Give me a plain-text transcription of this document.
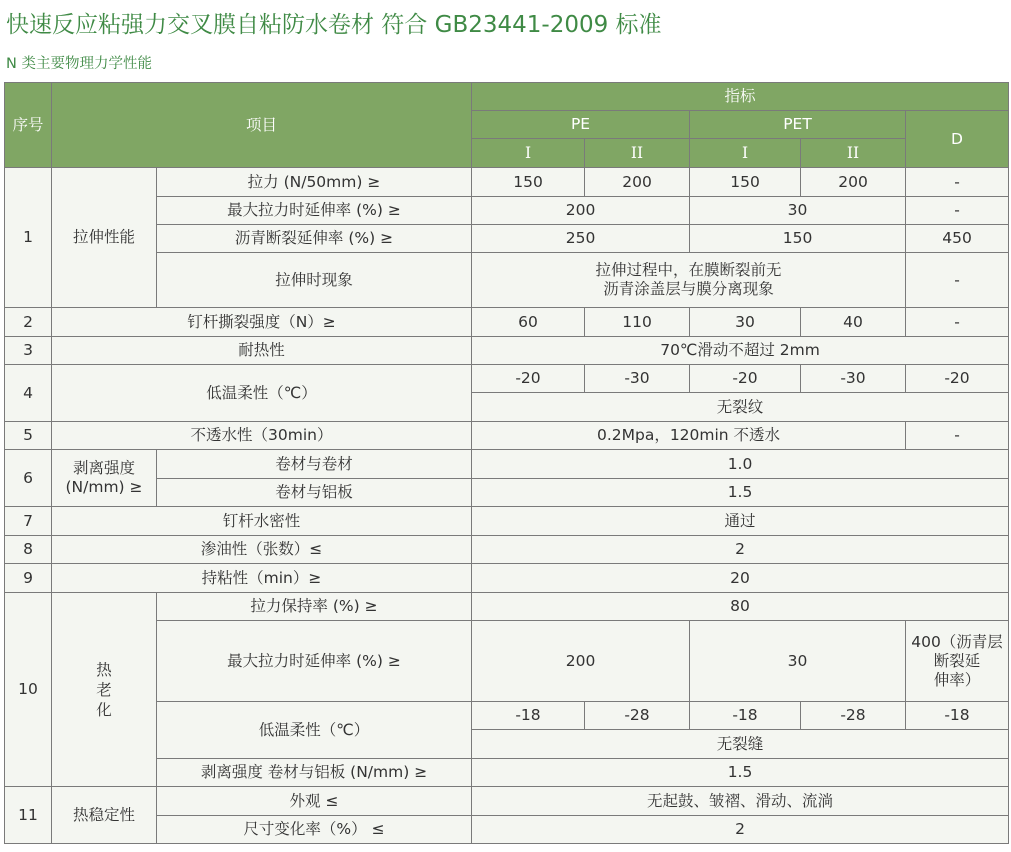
快速反应粘强力交叉膜自粘防水卷材 符合 GB23441-2009 标准
N 类主要物理力学性能
序号	项目		指标				
			PE		PET		D
			I	II	I	II	
1	拉伸性能	拉力 (N/50mm) ≥	150	200	150	200	-
		最大拉力时延伸率 (%) ≥	200		30		-
		沥青断裂延伸率 (%) ≥	250		150		450
		拉伸时现象	拉伸过程中，在膜断裂前无
沥青涂盖层与膜分离现象				-
2	钉杆撕裂强度（N）≥		60	110	30	40	-
3	耐热性		70℃滑动不超过 2mm				
4	低温柔性（℃）		-20	-30	-20	-30	-20
			无裂纹				
5	不透水性（30min）		0.2Mpa，120min 不透水				-
6	剥离强度
(N/mm) ≥	卷材与卷材	1.0				
		卷材与铝板	1.5				
7	钉杆水密性		通过				
8	渗油性（张数）≤		2				
9	持粘性（min）≥		20				
10	热
老
化	拉力保持率 (%) ≥	80				
		最大拉力时延伸率 (%) ≥	200		30		400（沥青层
断裂延
伸率）
		低温柔性（℃）	-18	-28	-18	-28	-18
			无裂缝				
		剥离强度 卷材与铝板 (N/mm) ≥	1.5				
11	热稳定性	外观 ≤	无起鼓、皱褶、滑动、流淌				
		尺寸变化率（%） ≤	2				
